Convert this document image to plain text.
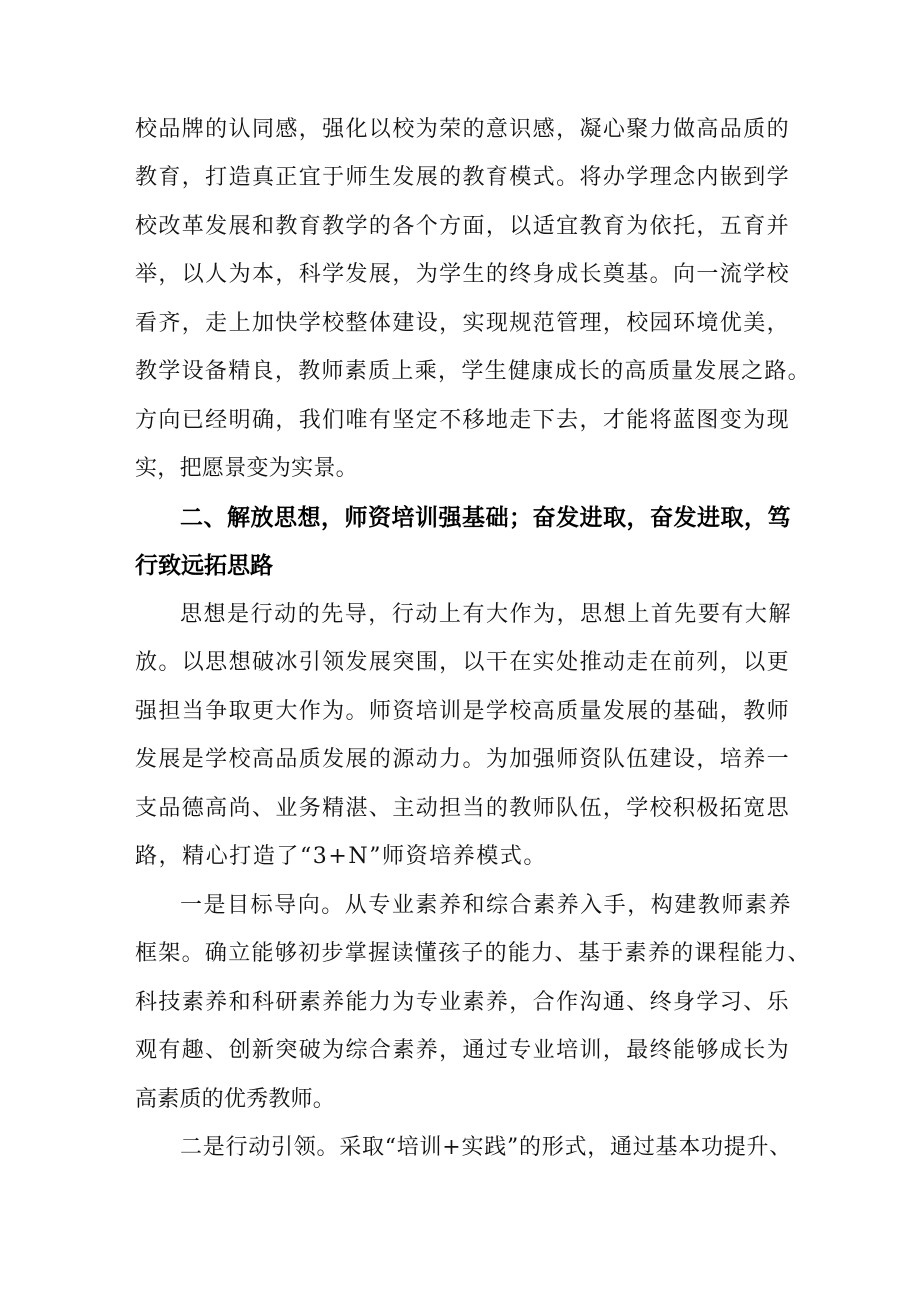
校品牌的认同感，强化以校为荣的意识感，凝心聚力做高品质的

教育，打造真正宜于师生发展的教育模式。将办学理念内嵌到学

校改革发展和教育教学的各个方面，以适宜教育为依托，五育并

举，以人为本，科学发展，为学生的终身成长奠基。向一流学校

看齐，走上加快学校整体建设，实现规范管理，校园环境优美，

教学设备精良，教师素质上乘，学生健康成长的高质量发展之路。

方向已经明确，我们唯有坚定不移地走下去，才能将蓝图变为现

实，把愿景变为实景。

二、解放思想，师资培训强基础；奋发进取，奋发进取，笃

行致远拓思路

思想是行动的先导，行动上有大作为，思想上首先要有大解

放。以思想破冰引领发展突围，以干在实处推动走在前列，以更

强担当争取更大作为。师资培训是学校高质量发展的基础，教师

发展是学校高品质发展的源动力。为加强师资队伍建设，培养一

支品德高尚、业务精湛、主动担当的教师队伍，学校积极拓宽思

路，精心打造了“3+N”师资培养模式。

一是目标导向。从专业素养和综合素养入手，构建教师素养

框架。确立能够初步掌握读懂孩子的能力、基于素养的课程能力、

科技素养和科研素养能力为专业素养，合作沟通、终身学习、乐

观有趣、创新突破为综合素养，通过专业培训，最终能够成长为

高素质的优秀教师。

二是行动引领。采取“培训+实践”的形式，通过基本功提升、
